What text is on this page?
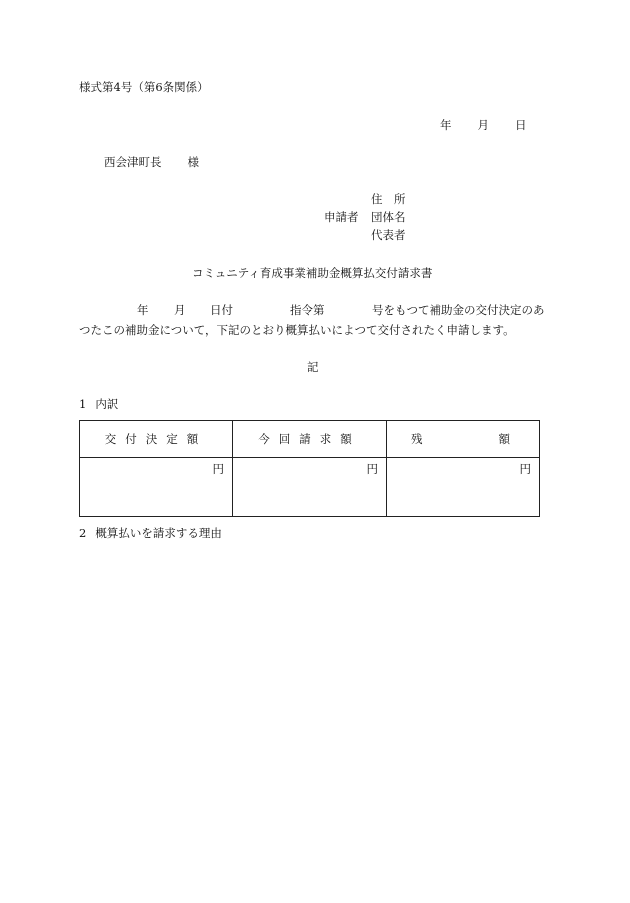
様式第4号（第6条関係）
年 月 日
西会津町長 様
申請者
住　所
団体名
代表者
コミュニティ育成事業補助金概算払交付請求書
年 月 日付	指令第	号をもつて補助金の交付決定のあ
つたこの補助金について，下記のとおり概算払いによつて交付されたく申請します。
記
1 内訳
交付決定額	今回請求額	残 額
円	円	円
2 概算払いを請求する理由
